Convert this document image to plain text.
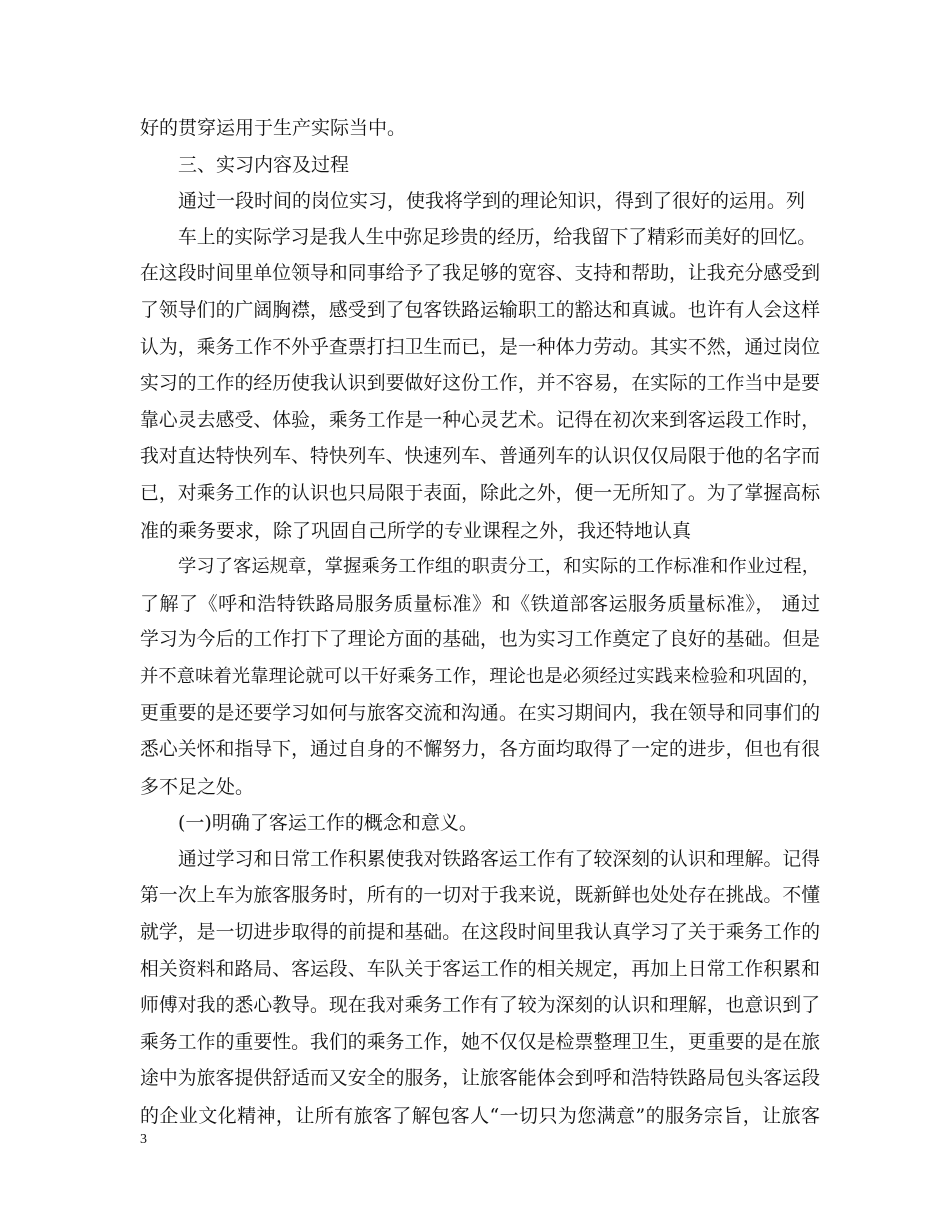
好的贯穿运用于生产实际当中。
三、实习内容及过程
通过一段时间的岗位实习，使我将学到的理论知识，得到了很好的运用。列
车上的实际学习是我人生中弥足珍贵的经历，给我留下了精彩而美好的回忆。
在这段时间里单位领导和同事给予了我足够的宽容、支持和帮助，让我充分感受到
了领导们的广阔胸襟，感受到了包客铁路运输职工的豁达和真诚。也许有人会这样
认为，乘务工作不外乎查票打扫卫生而已，是一种体力劳动。其实不然，通过岗位
实习的工作的经历使我认识到要做好这份工作，并不容易，在实际的工作当中是要
靠心灵去感受、体验，乘务工作是一种心灵艺术。记得在初次来到客运段工作时，
我对直达特快列车、特快列车、快速列车、普通列车的认识仅仅局限于他的名字而
已，对乘务工作的认识也只局限于表面，除此之外，便一无所知了。为了掌握高标
准的乘务要求，除了巩固自己所学的专业课程之外，我还特地认真
学习了客运规章，掌握乘务工作组的职责分工，和实际的工作标准和作业过程，
了解了《呼和浩特铁路局服务质量标准》和《铁道部客运服务质量标准》， 通过
学习为今后的工作打下了理论方面的基础，也为实习工作奠定了良好的基础。但是
并不意味着光靠理论就可以干好乘务工作，理论也是必须经过实践来检验和巩固的，
更重要的是还要学习如何与旅客交流和沟通。在实习期间内，我在领导和同事们的
悉心关怀和指导下，通过自身的不懈努力，各方面均取得了一定的进步，但也有很
多不足之处。
(一)明确了客运工作的概念和意义。
通过学习和日常工作积累使我对铁路客运工作有了较深刻的认识和理解。记得
第一次上车为旅客服务时，所有的一切对于我来说，既新鲜也处处存在挑战。不懂
就学，是一切进步取得的前提和基础。在这段时间里我认真学习了关于乘务工作的
相关资料和路局、客运段、车队关于客运工作的相关规定，再加上日常工作积累和
师傅对我的悉心教导。现在我对乘务工作有了较为深刻的认识和理解，也意识到了
乘务工作的重要性。我们的乘务工作，她不仅仅是检票整理卫生，更重要的是在旅
途中为旅客提供舒适而又安全的服务，让旅客能体会到呼和浩特铁路局包头客运段
的企业文化精神，让所有旅客了解包客人“一切只为您满意”的服务宗旨，让旅客
3
